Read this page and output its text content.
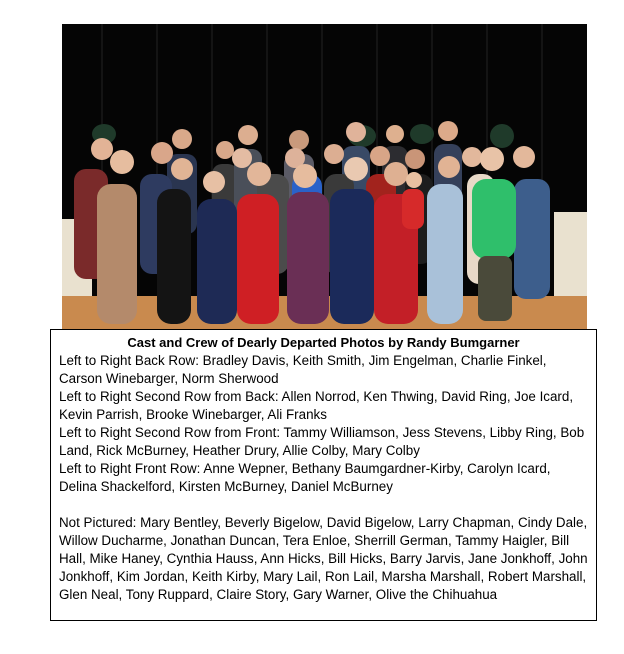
Cast and Crew of Dearly Departed Photos by Randy Bumgarner

Left to Right Back Row: Bradley Davis, Keith Smith, Jim Engelman, Charlie Finkel, Carson Winebarger, Norm Sherwood

Left to Right Second Row from Back: Allen Norrod, Ken Thwing, David Ring, Joe Icard, Kevin Parrish, Brooke Winebarger, Ali Franks

Left to Right Second Row from Front: Tammy Williamson, Jess Stevens, Libby Ring, Bob Land, Rick McBurney, Heather Drury, Allie Colby, Mary Colby

Left to Right Front Row: Anne Wepner, Bethany Baumgardner-Kirby, Carolyn Icard, Delina Shackelford, Kirsten McBurney, Daniel McBurney

Not Pictured: Mary Bentley, Beverly Bigelow, David Bigelow, Larry Chapman, Cindy Dale, Willow Ducharme, Jonathan Duncan, Tera Enloe, Sherrill German, Tammy Haigler, Bill Hall, Mike Haney, Cynthia Hauss, Ann Hicks, Bill Hicks, Barry Jarvis, Jane Jonkhoff, John Jonkhoff, Kim Jordan, Keith Kirby, Mary Lail, Ron Lail, Marsha Marshall, Robert Marshall, Glen Neal, Tony Ruppard, Claire Story, Gary Warner, Olive the Chihuahua
